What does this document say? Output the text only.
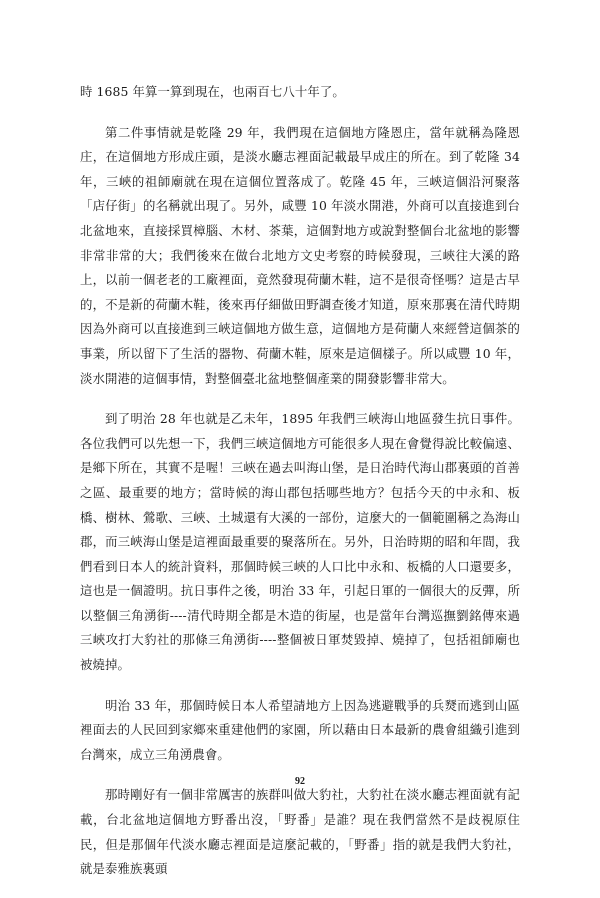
時 1685 年算一算到現在，也兩百七八十年了。

第二件事情就是乾隆 29 年，我們現在這個地方隆恩庄，當年就稱為隆恩庄，在這個地方形成庄頭，是淡水廳志裡面記載最早成庄的所在。到了乾隆 34 年，三峽的祖師廟就在現在這個位置落成了。乾隆 45 年，三峽這個沿河聚落「店仔街」的名稱就出現了。另外，咸豐 10 年淡水開港，外商可以直接進到台北盆地來，直接採買樟腦、木材、茶葉，這個對地方或說對整個台北盆地的影響非常非常的大；我們後來在做台北地方文史考察的時候發現，三峽往大溪的路上，以前一個老老的工廠裡面，竟然發現荷蘭木鞋，這不是很奇怪嗎？這是古早的，不是新的荷蘭木鞋，後來再仔細做田野調查後才知道，原來那裏在清代時期因為外商可以直接進到三峽這個地方做生意，這個地方是荷蘭人來經營這個茶的事業，所以留下了生活的器物、荷蘭木鞋，原來是這個樣子。所以咸豐 10 年，淡水開港的這個事情，對整個臺北盆地整個產業的開發影響非常大。

到了明治 28 年也就是乙未年，1895 年我們三峽海山地區發生抗日事件。各位我們可以先想一下，我們三峽這個地方可能很多人現在會覺得說比較偏遠、是鄉下所在，其實不是喔！三峽在過去叫海山堡，是日治時代海山郡裏頭的首善之區、最重要的地方；當時候的海山郡包括哪些地方？包括今天的中永和、板橋、樹林、鶯歌、三峽、土城還有大溪的一部份，這麼大的一個範圍稱之為海山郡，而三峽海山堡是這裡面最重要的聚落所在。另外，日治時期的昭和年間，我們看到日本人的統計資料，那個時候三峽的人口比中永和、板橋的人口還要多，這也是一個證明。抗日事件之後，明治 33 年，引起日軍的一個很大的反彈，所以整個三角湧街----清代時期全都是木造的街屋，也是當年台灣巡撫劉銘傳來過三峽攻打大豹社的那條三角湧街----整個被日軍焚毀掉、燒掉了，包括祖師廟也被燒掉。

明治 33 年，那個時候日本人希望請地方上因為逃避戰爭的兵燹而逃到山區裡面去的人民回到家鄉來重建他們的家園，所以藉由日本最新的農會組織引進到台灣來，成立三角湧農會。

那時剛好有一個非常厲害的族群叫做大豹社，大豹社在淡水廳志裡面就有記載，台北盆地這個地方野番出沒，「野番」是誰？現在我們當然不是歧視原住民，但是那個年代淡水廳志裡面是這麼記載的，「野番」指的就是我們大豹社，就是泰雅族裏頭

92
